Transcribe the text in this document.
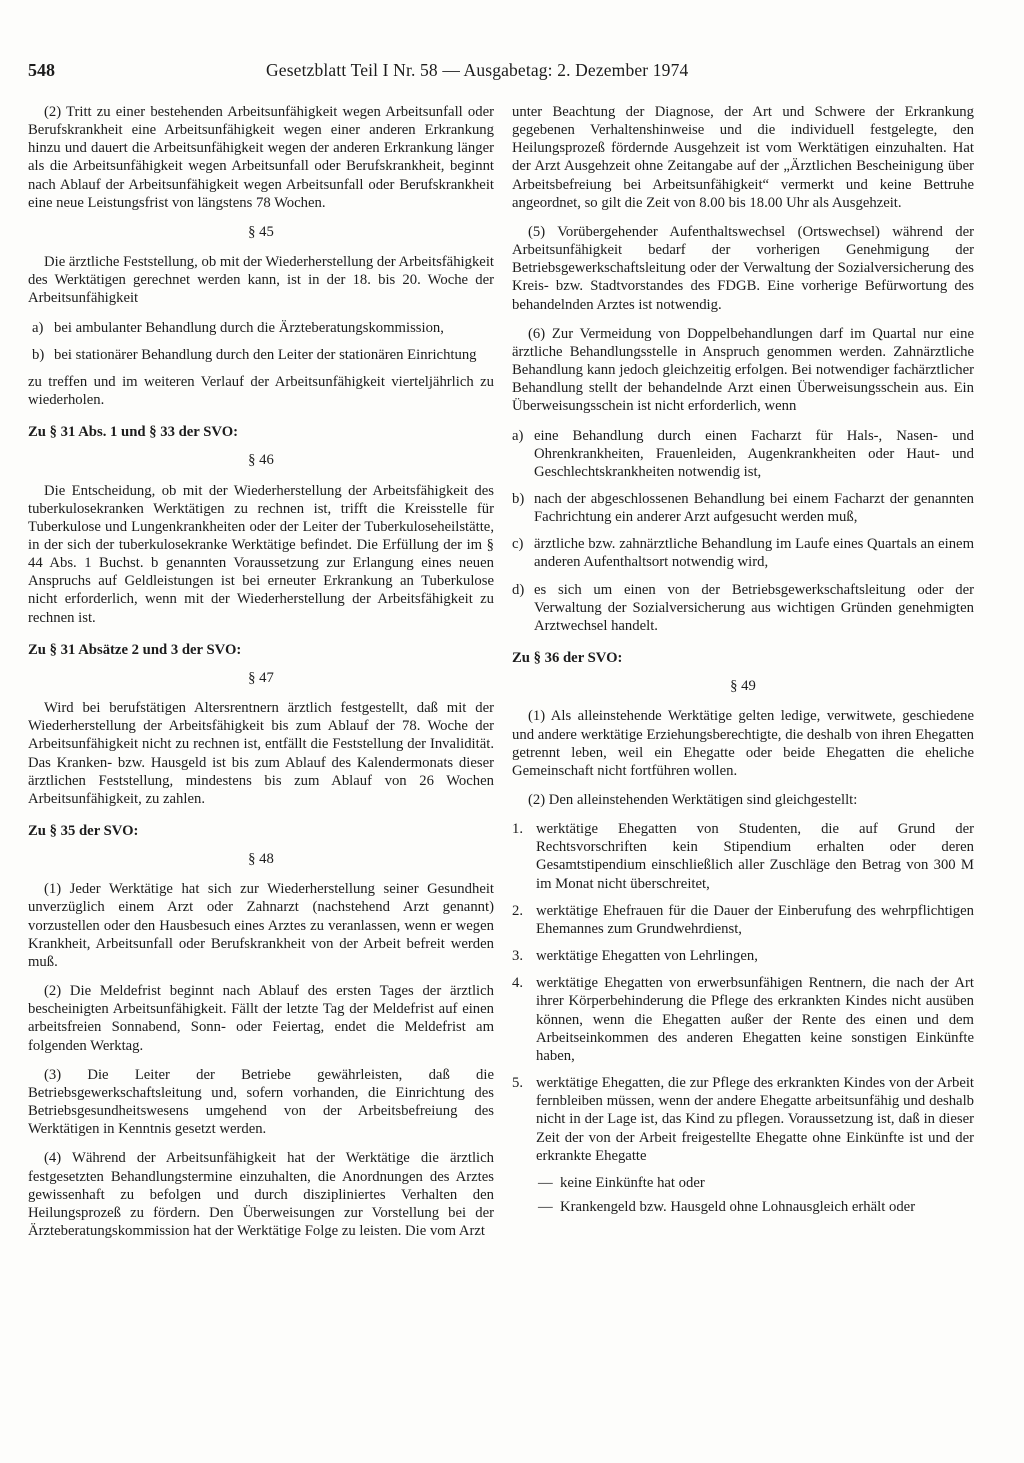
548	Gesetzblatt Teil I Nr. 58 — Ausgabetag: 2. Dezember 1974

(2) Tritt zu einer bestehenden Arbeitsunfähigkeit wegen Arbeitsunfall oder Berufskrankheit eine Arbeitsunfähigkeit wegen einer anderen Erkrankung hinzu und dauert die Arbeitsunfähigkeit wegen der anderen Erkrankung länger als die Arbeitsunfähigkeit wegen Arbeitsunfall oder Berufskrankheit, beginnt nach Ablauf der Arbeitsunfähigkeit wegen Arbeitsunfall oder Berufskrankheit eine neue Leistungsfrist von längstens 78 Wochen.

§ 45

Die ärztliche Feststellung, ob mit der Wiederherstellung der Arbeitsfähigkeit des Werktätigen gerechnet werden kann, ist in der 18. bis 20. Woche der Arbeitsunfähigkeit

a) bei ambulanter Behandlung durch die Ärzteberatungskommission,
b) bei stationärer Behandlung durch den Leiter der stationären Einrichtung

zu treffen und im weiteren Verlauf der Arbeitsunfähigkeit vierteljährlich zu wiederholen.

Zu § 31 Abs. 1 und § 33 der SVO:
§ 46

Die Entscheidung, ob mit der Wiederherstellung der Arbeitsfähigkeit des tuberkulosekranken Werktätigen zu rechnen ist, trifft die Kreisstelle für Tuberkulose und Lungenkrankheiten oder der Leiter der Tuberkuloseheilstätte, in der sich der tuberkulosekranke Werktätige befindet. Die Erfüllung der im § 44 Abs. 1 Buchst. b genannten Voraussetzung zur Erlangung eines neuen Anspruchs auf Geldleistungen ist bei erneuter Erkrankung an Tuberkulose nicht erforderlich, wenn mit der Wiederherstellung der Arbeitsfähigkeit zu rechnen ist.

Zu § 31 Absätze 2 und 3 der SVO:
§ 47

Wird bei berufstätigen Altersrentnern ärztlich festgestellt, daß mit der Wiederherstellung der Arbeitsfähigkeit bis zum Ablauf der 78. Woche der Arbeitsunfähigkeit nicht zu rechnen ist, entfällt die Feststellung der Invalidität. Das Kranken- bzw. Hausgeld ist bis zum Ablauf des Kalendermonats dieser ärztlichen Feststellung, mindestens bis zum Ablauf von 26 Wochen Arbeitsunfähigkeit, zu zahlen.

Zu § 35 der SVO:
§ 48

(1) Jeder Werktätige hat sich zur Wiederherstellung seiner Gesundheit unverzüglich einem Arzt oder Zahnarzt (nachstehend Arzt genannt) vorzustellen oder den Hausbesuch eines Arztes zu veranlassen, wenn er wegen Krankheit, Arbeitsunfall oder Berufskrankheit von der Arbeit befreit werden muß.

(2) Die Meldefrist beginnt nach Ablauf des ersten Tages der ärztlich bescheinigten Arbeitsunfähigkeit. Fällt der letzte Tag der Meldefrist auf einen arbeitsfreien Sonnabend, Sonn- oder Feiertag, endet die Meldefrist am folgenden Werktag.

(3) Die Leiter der Betriebe gewährleisten, daß die Betriebsgewerkschaftsleitung und, sofern vorhanden, die Einrichtung des Betriebsgesundheitswesens umgehend von der Arbeitsbefreiung des Werktätigen in Kenntnis gesetzt werden.

(4) Während der Arbeitsunfähigkeit hat der Werktätige die ärztlich festgesetzten Behandlungstermine einzuhalten, die Anordnungen des Arztes gewissenhaft zu befolgen und durch diszipliniertes Verhalten den Heilungsprozeß zu fördern. Den Überweisungen zur Vorstellung bei der Ärzteberatungskommission hat der Werktätige Folge zu leisten. Die vom Arzt

unter Beachtung der Diagnose, der Art und Schwere der Erkrankung gegebenen Verhaltenshinweise und die individuell festgelegte, den Heilungsprozeß fördernde Ausgehzeit ist vom Werktätigen einzuhalten. Hat der Arzt Ausgehzeit ohne Zeitangabe auf der „Ärztlichen Bescheinigung über Arbeitsbefreiung bei Arbeitsunfähigkeit“ vermerkt und keine Bettruhe angeordnet, so gilt die Zeit von 8.00 bis 18.00 Uhr als Ausgehzeit.

(5) Vorübergehender Aufenthaltswechsel (Ortswechsel) während der Arbeitsunfähigkeit bedarf der vorherigen Genehmigung der Betriebsgewerkschaftsleitung oder der Verwaltung der Sozialversicherung des Kreis- bzw. Stadtvorstandes des FDGB. Eine vorherige Befürwortung des behandelnden Arztes ist notwendig.

(6) Zur Vermeidung von Doppelbehandlungen darf im Quartal nur eine ärztliche Behandlungsstelle in Anspruch genommen werden. Zahnärztliche Behandlung kann jedoch gleichzeitig erfolgen. Bei notwendiger fachärztlicher Behandlung stellt der behandelnde Arzt einen Überweisungsschein aus. Ein Überweisungsschein ist nicht erforderlich, wenn

a) eine Behandlung durch einen Facharzt für Hals-, Nasen- und Ohrenkrankheiten, Frauenleiden, Augenkrankheiten oder Haut- und Geschlechtskrankheiten notwendig ist,
b) nach der abgeschlossenen Behandlung bei einem Facharzt der genannten Fachrichtung ein anderer Arzt aufgesucht werden muß,
c) ärztliche bzw. zahnärztliche Behandlung im Laufe eines Quartals an einem anderen Aufenthaltsort notwendig wird,
d) es sich um einen von der Betriebsgewerkschaftsleitung oder der Verwaltung der Sozialversicherung aus wichtigen Gründen genehmigten Arztwechsel handelt.
Zu § 36 der SVO:
§ 49

(1) Als alleinstehende Werktätige gelten ledige, verwitwete, geschiedene und andere werktätige Erziehungsberechtigte, die deshalb von ihren Ehegatten getrennt leben, weil ein Ehegatte oder beide Ehegatten die eheliche Gemeinschaft nicht fortführen wollen.

(2) Den alleinstehenden Werktätigen sind gleichgestellt:

1. werktätige Ehegatten von Studenten, die auf Grund der Rechtsvorschriften kein Stipendium erhalten oder deren Gesamtstipendium einschließlich aller Zuschläge den Betrag von 300 M im Monat nicht überschreitet,
2. werktätige Ehefrauen für die Dauer der Einberufung des wehrpflichtigen Ehemannes zum Grundwehrdienst,
3. werktätige Ehegatten von Lehrlingen,
4. werktätige Ehegatten von erwerbsunfähigen Rentnern, die nach der Art ihrer Körperbehinderung die Pflege des erkrankten Kindes nicht ausüben können, wenn die Ehegatten außer der Rente des einen und dem Arbeitseinkommen des anderen Ehegatten keine sonstigen Einkünfte haben,
5. werktätige Ehegatten, die zur Pflege des erkrankten Kindes von der Arbeit fernbleiben müssen, wenn der andere Ehegatte arbeitsunfähig und deshalb nicht in der Lage ist, das Kind zu pflegen. Voraussetzung ist, daß in dieser Zeit der von der Arbeit freigestellte Ehegatte ohne Einkünfte ist und der erkrankte Ehegatte
— keine Einkünfte hat oder
— Krankengeld bzw. Hausgeld ohne Lohnausgleich erhält oder
